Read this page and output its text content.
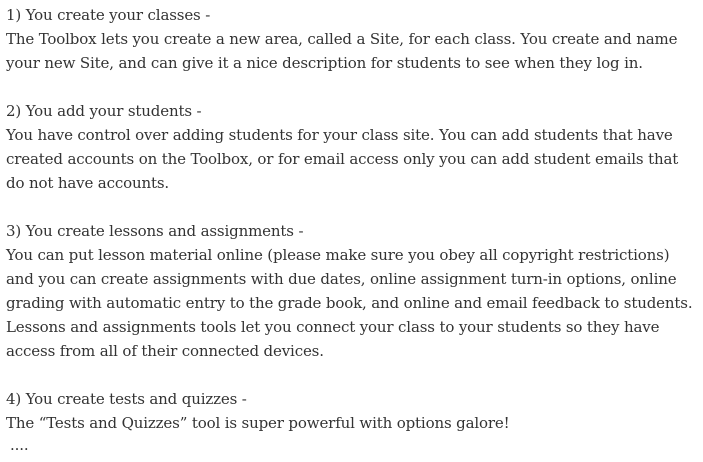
1) You create your classes -

The Toolbox lets you create a new area, called a Site, for each class. You create and name your new Site, and can give it a nice description for students to see when they log in.

2) You add your students -

You have control over adding students for your class site. You can add students that have created accounts on the Toolbox, or for email access only you can add student emails that do not have accounts.

3) You create lessons and assignments -

You can put lesson material online (please make sure you obey all copyright restrictions) and you can create assignments with due dates, online assignment turn-in options, online grading with automatic entry to the grade book, and online and email feedback to students. Lessons and assignments tools let you connect your class to your students so they have access from all of their connected devices.

4) You create tests and quizzes -

The “Tests and Quizzes” tool is super powerful with options galore!

....
